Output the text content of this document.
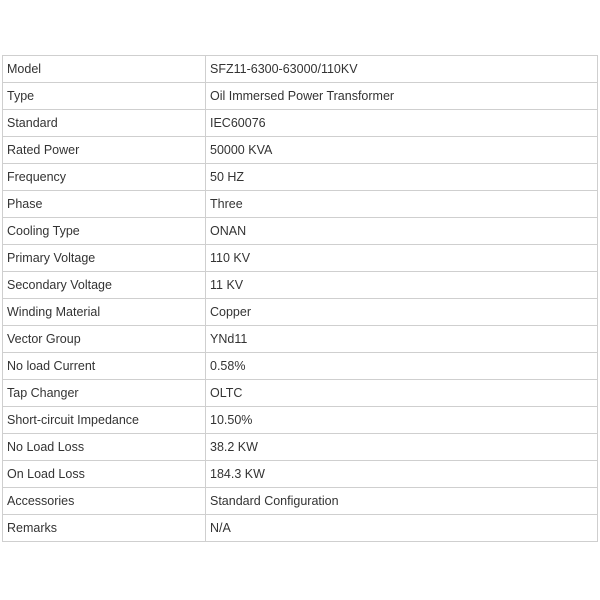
Model	SFZ11-6300-63000/110KV
Type	Oil Immersed Power Transformer
Standard	IEC60076
Rated Power	50000 KVA
Frequency	50 HZ
Phase	Three
Cooling Type	ONAN
Primary Voltage	110 KV
Secondary Voltage	11 KV
Winding Material	Copper
Vector Group	YNd11
No load Current	0.58%
Tap Changer	OLTC
Short-circuit Impedance	10.50%
No Load Loss	38.2 KW
On Load Loss	184.3 KW
Accessories	Standard Configuration
Remarks	N/A
